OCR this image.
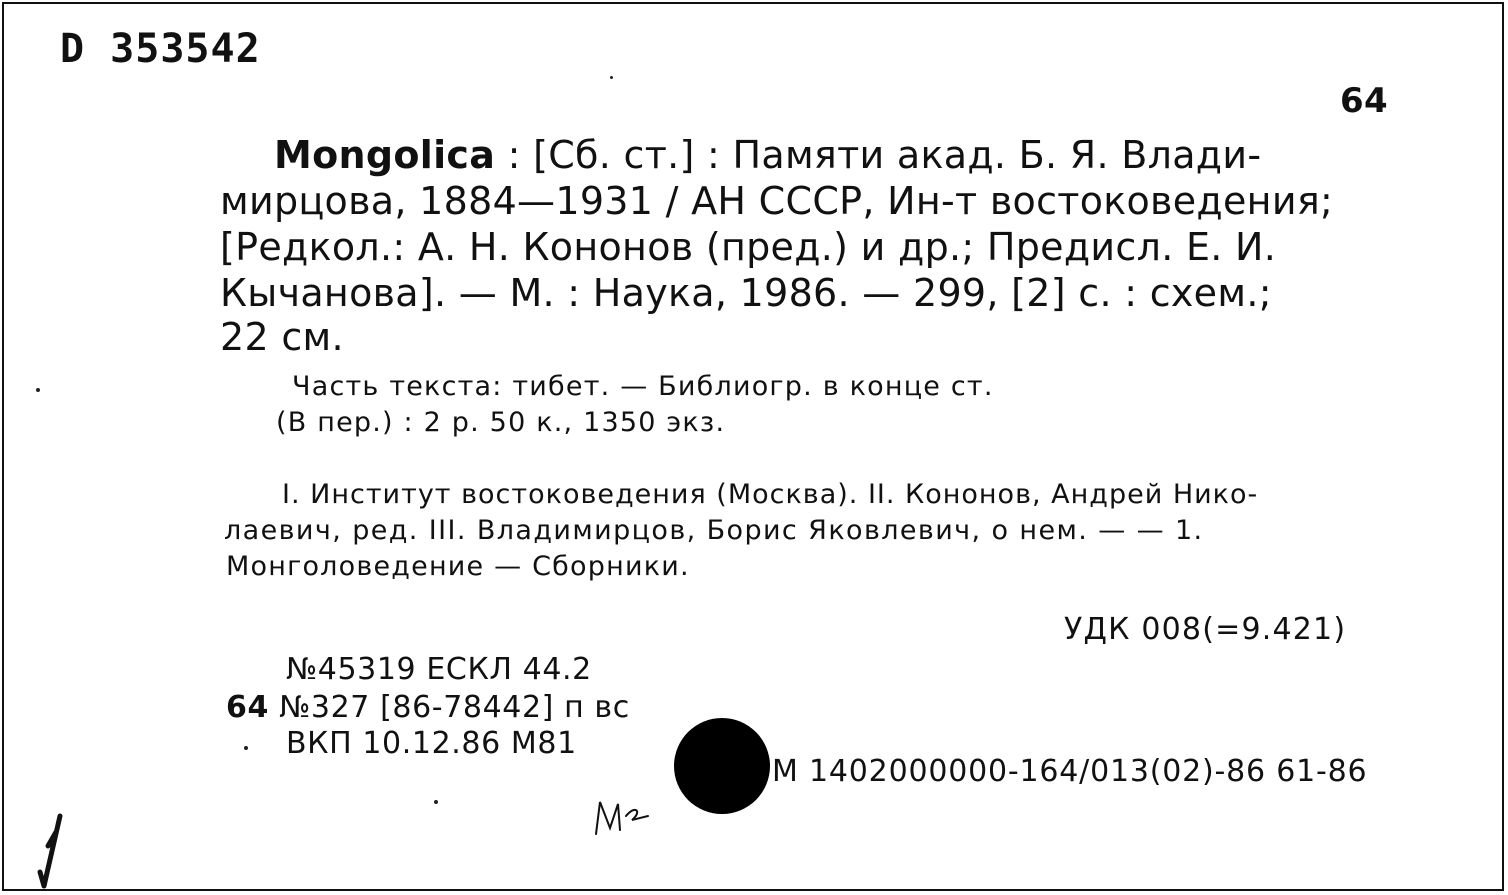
D 353542
64
Mongolica : [Сб. ст.] : Памяти акад. Б. Я. Влади-
мирцова, 1884—1931 / АН СССР, Ин-т востоковедения;
[Редкол.: А. Н. Кононов (пред.) и др.; Предисл. Е. И.
Кычанова]. — М. : Наука, 1986. — 299, [2] с. : схем.;
22 см.
Часть текста: тибет. — Библиогр. в конце ст.
(В пер.) : 2 р. 50 к., 1350 экз.
I. Институт востоковедения (Москва). II. Кононов, Андрей Нико-
лаевич, ред. III. Владимирцов, Борис Яковлевич, о нем. — — 1.
Монголоведение — Сборники.
УДК 008(=9.421)
№45319 ЕСКЛ 44.2
64 №327 [86-78442] п вс
ВКП 10.12.86 М81
М 1402000000-164/013(02)-86 61-86
